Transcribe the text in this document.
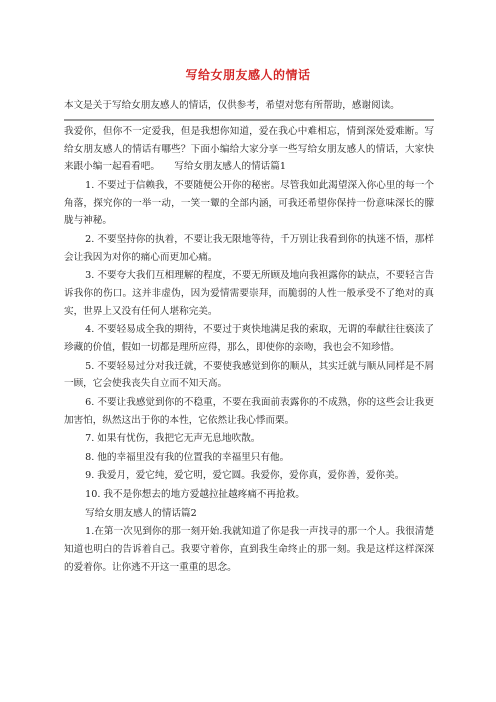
写给女朋友感人的情话
本文是关于写给女朋友感人的情话，仅供参考，希望对您有所帮助，感谢阅读。

我爱你，但你不一定爱我，但是我想你知道，爱在我心中难相忘，情到深处爱难断。写给女朋友感人的情话有哪些？下面小编给大家分享一些写给女朋友感人的情话，大家快来跟小编一起看看吧。　　写给女朋友感人的情话篇1

1. 不要过于信赖我，不要随便公开你的秘密。尽管我如此渴望深入你心里的每一个角落，探究你的一举一动，一笑一颦的全部内涵，可我还希望你保持一份意味深长的朦胧与神秘。

2. 不要坚持你的执着，不要让我无限地等待，千万别让我看到你的执迷不悟，那样会让我因为对你的痛心而更加心痛。

3. 不要夸大我们互相理解的程度，不要无所顾及地向我袒露你的缺点，不要轻言告诉我你的伤口。这并非虚伪，因为爱情需要崇拜，而脆弱的人性一般承受不了绝对的真实，世界上又没有任何人堪称完美。

4. 不要轻易成全我的期待，不要过于爽快地满足我的索取，无谓的奉献往往亵渎了珍藏的价值，假如一切都是理所应得，那么，即使你的亲吻，我也会不知珍惜。

5. 不要轻易过分对我迁就，不要使我感觉到你的顺从，其实迁就与顺从同样是不屑一顾，它会使我丧失自立而不知天高。

6. 不要让我感觉到你的不稳重，不要在我面前表露你的不成熟，你的这些会让我更加害怕，纵然这出于你的本性，它依然让我心悸而栗。

7. 如果有忧伤，我把它无声无息地吹散。

8. 他的幸福里没有我的位置我的幸福里只有他。

9. 我爱月，爱它纯，爱它明，爱它圆。我爱你，爱你真，爱你善，爱你美。

10. 我不是你想去的地方爱越拉扯越疼痛不再抢救。

写给女朋友感人的情话篇2

1.在第一次见到你的那一刻开始.我就知道了你是我一声找寻的那一个人。我很清楚知道也明白的告诉着自己。我要守着你，直到我生命终止的那一刻。我是这样这样深深的爱着你。让你逃不开这一重重的思念。
